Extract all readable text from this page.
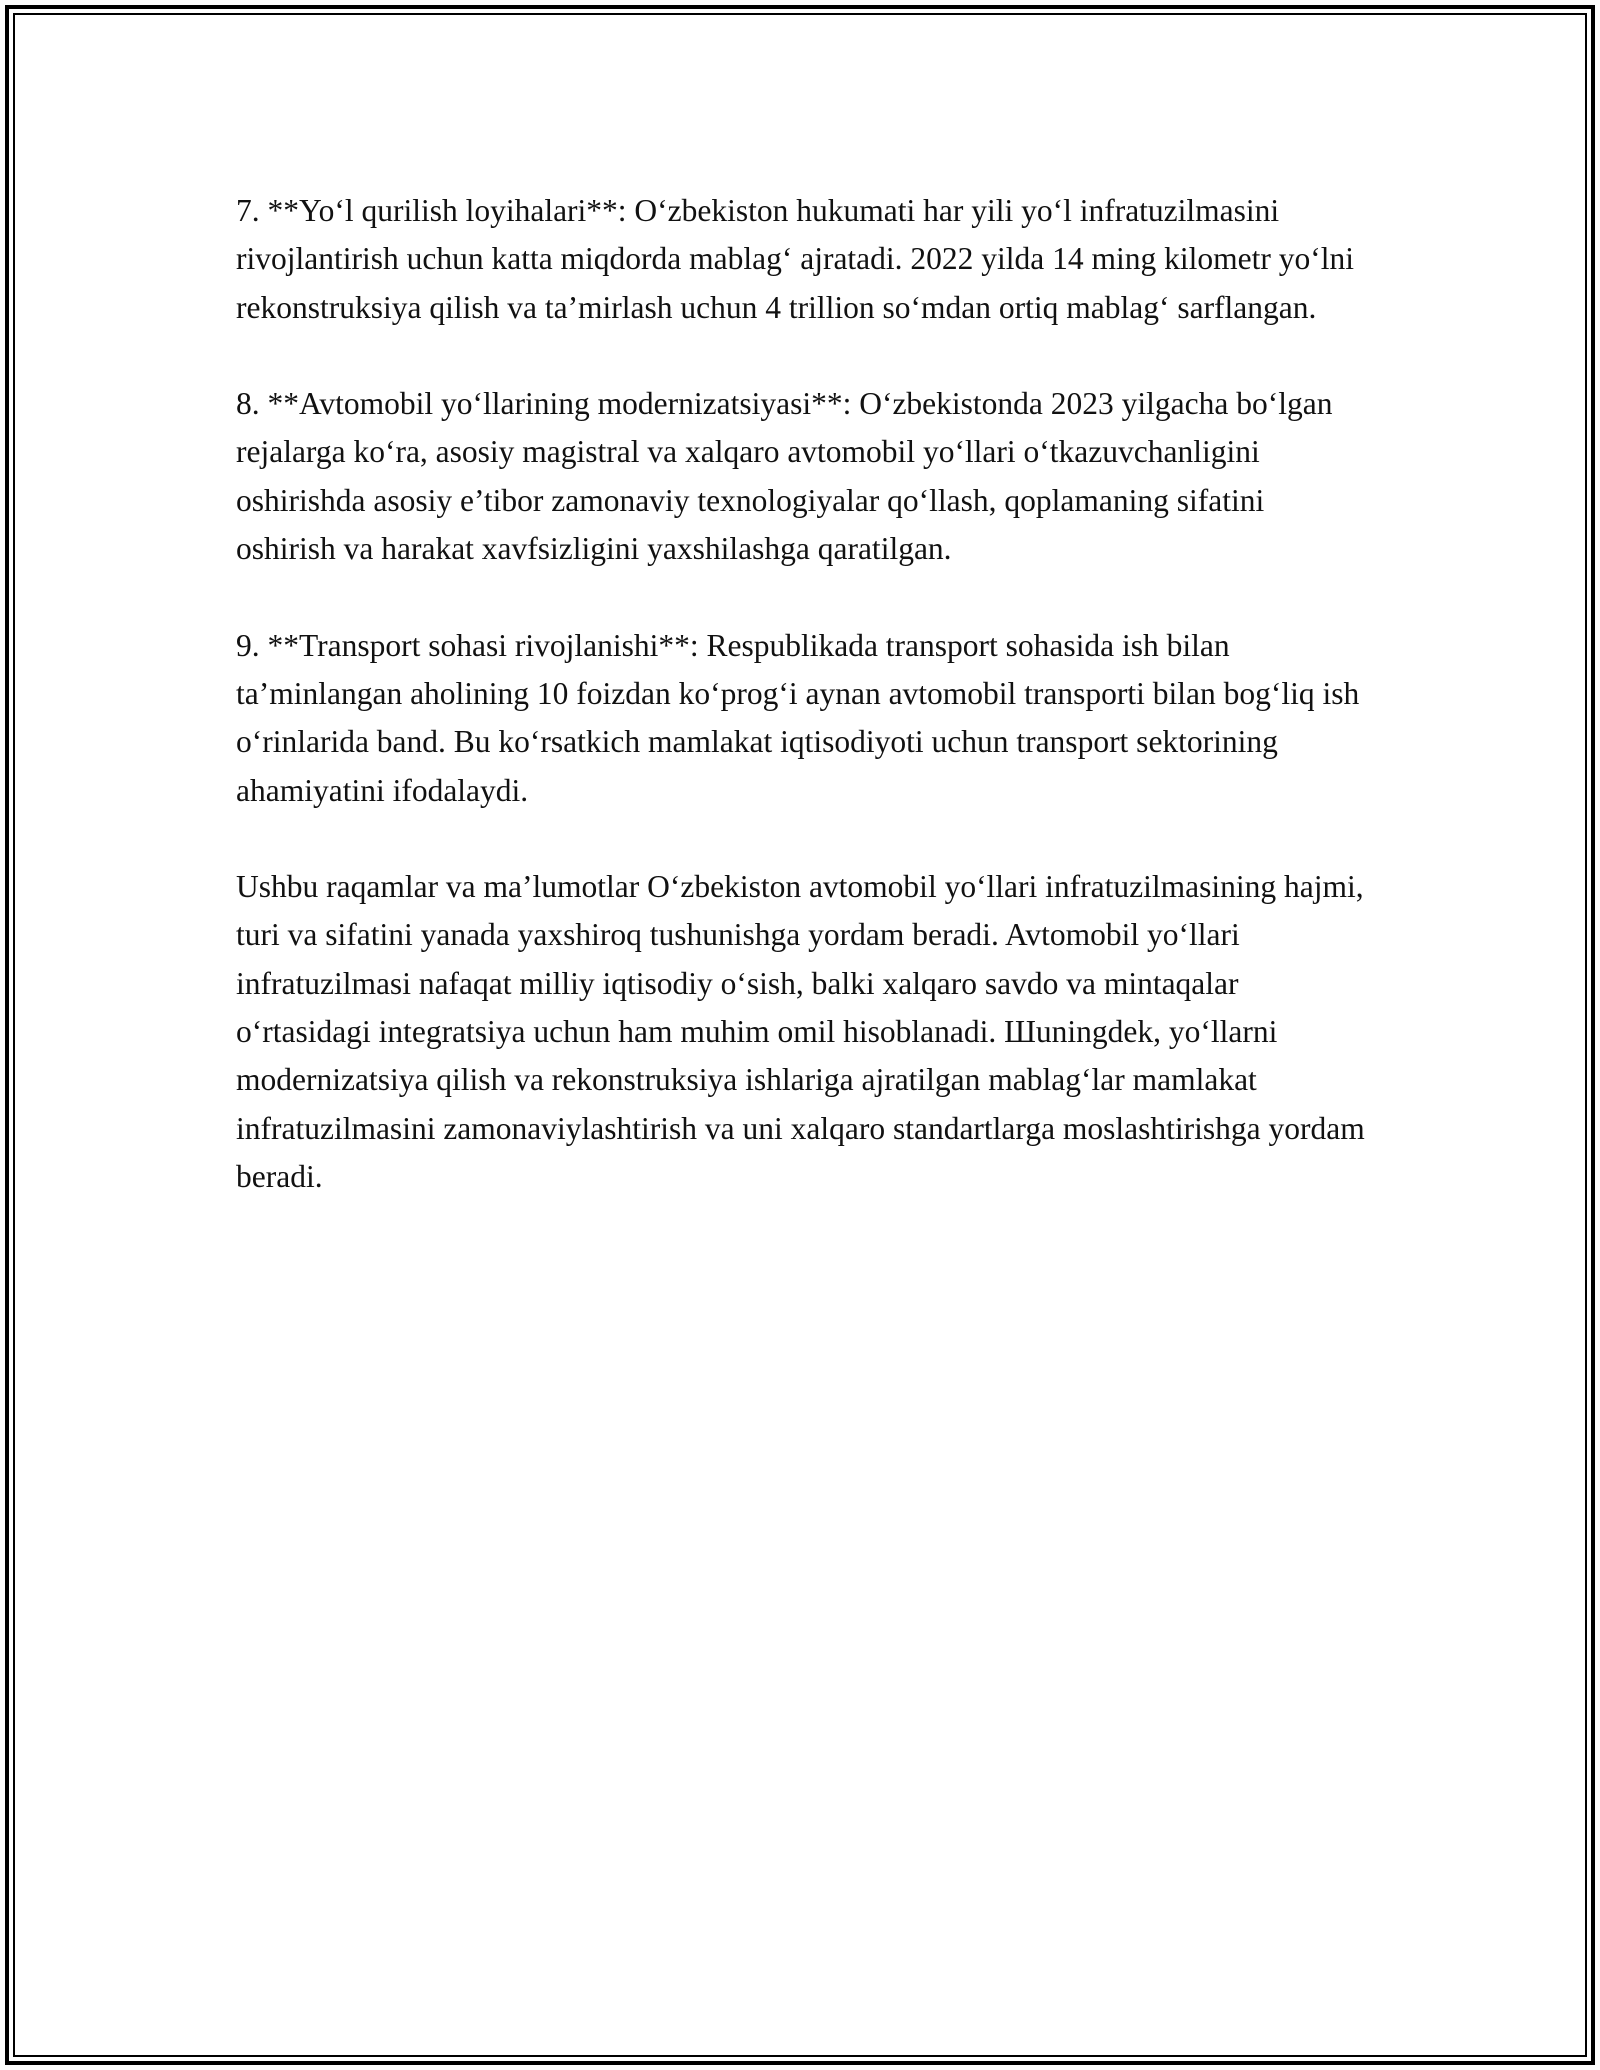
7. **Yo‘l qurilish loyihalari**: O‘zbekiston hukumati har yili yo‘l infratuzilmasini rivojlantirish uchun katta miqdorda mablag‘ ajratadi. 2022 yilda 14 ming kilometr yo‘lni rekonstruksiya qilish va ta’mirlash uchun 4 trillion so‘mdan ortiq mablag‘ sarflangan.

8. **Avtomobil yo‘llarining modernizatsiyasi**: O‘zbekistonda 2023 yilgacha bo‘lgan rejalarga ko‘ra, asosiy magistral va xalqaro avtomobil yo‘llari o‘tkazuvchanligini oshirishda asosiy e’tibor zamonaviy texnologiyalar qo‘llash, qoplamaning sifatini oshirish va harakat xavfsizligini yaxshilashga qaratilgan.

9. **Transport sohasi rivojlanishi**: Respublikada transport sohasida ish bilan ta’minlangan aholining 10 foizdan ko‘prog‘i aynan avtomobil transporti bilan bog‘liq ish o‘rinlarida band. Bu ko‘rsatkich mamlakat iqtisodiyoti uchun transport sektorining ahamiyatini ifodalaydi.

Ushbu raqamlar va ma’lumotlar O‘zbekiston avtomobil yo‘llari infratuzilmasining hajmi, turi va sifatini yanada yaxshiroq tushunishga yordam beradi. Avtomobil yo‘llari infratuzilmasi nafaqat milliy iqtisodiy o‘sish, balki xalqaro savdo va mintaqalar o‘rtasidagi integratsiya uchun ham muhim omil hisoblanadi. Шuningdek, yo‘llarni modernizatsiya qilish va rekonstruksiya ishlariga ajratilgan mablag‘lar mamlakat infratuzilmasini zamonaviylashtirish va uni xalqaro standartlarga moslashtirishga yordam beradi.
